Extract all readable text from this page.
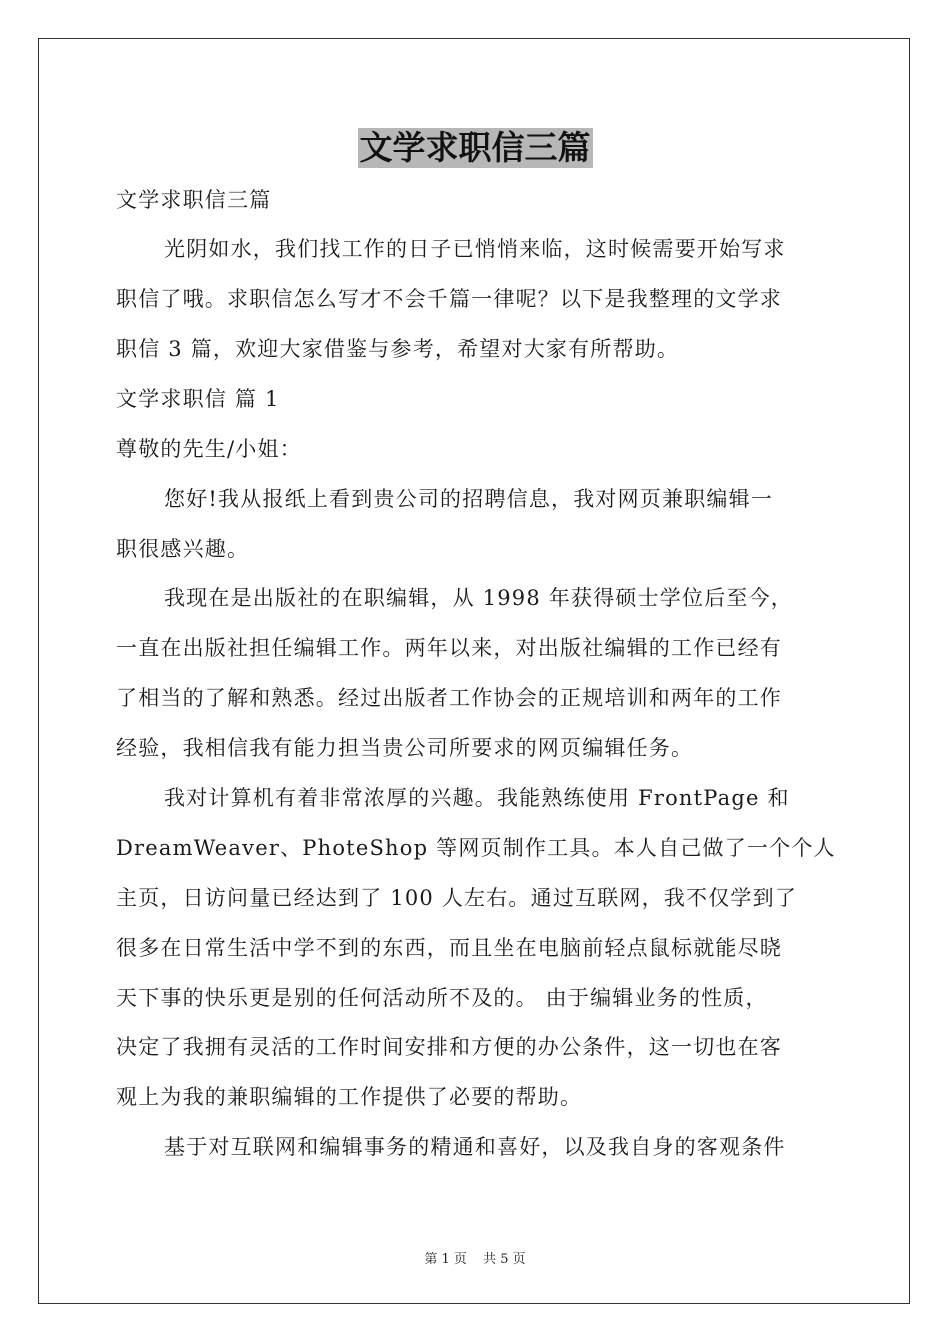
文学求职信三篇
文学求职信三篇
光阴如水，我们找工作的日子已悄悄来临，这时候需要开始写求
职信了哦。求职信怎么写才不会千篇一律呢？以下是我整理的文学求
职信 3 篇，欢迎大家借鉴与参考，希望对大家有所帮助。
文学求职信 篇 1
尊敬的先生/小姐：
您好!我从报纸上看到贵公司的招聘信息，我对网页兼职编辑一
职很感兴趣。
我现在是出版社的在职编辑，从 1998 年获得硕士学位后至今，
一直在出版社担任编辑工作。两年以来，对出版社编辑的工作已经有
了相当的了解和熟悉。经过出版者工作协会的正规培训和两年的工作
经验，我相信我有能力担当贵公司所要求的网页编辑任务。
我对计算机有着非常浓厚的兴趣。我能熟练使用 FrontPage 和
DreamWeaver、PhoteShop 等网页制作工具。本人自己做了一个个人
主页，日访问量已经达到了 100 人左右。通过互联网，我不仅学到了
很多在日常生活中学不到的东西，而且坐在电脑前轻点鼠标就能尽晓
天下事的快乐更是别的任何活动所不及的。 由于编辑业务的性质，
决定了我拥有灵活的工作时间安排和方便的办公条件，这一切也在客
观上为我的兼职编辑的工作提供了必要的帮助。
基于对互联网和编辑事务的精通和喜好，以及我自身的客观条件
第 1 页 共 5 页
